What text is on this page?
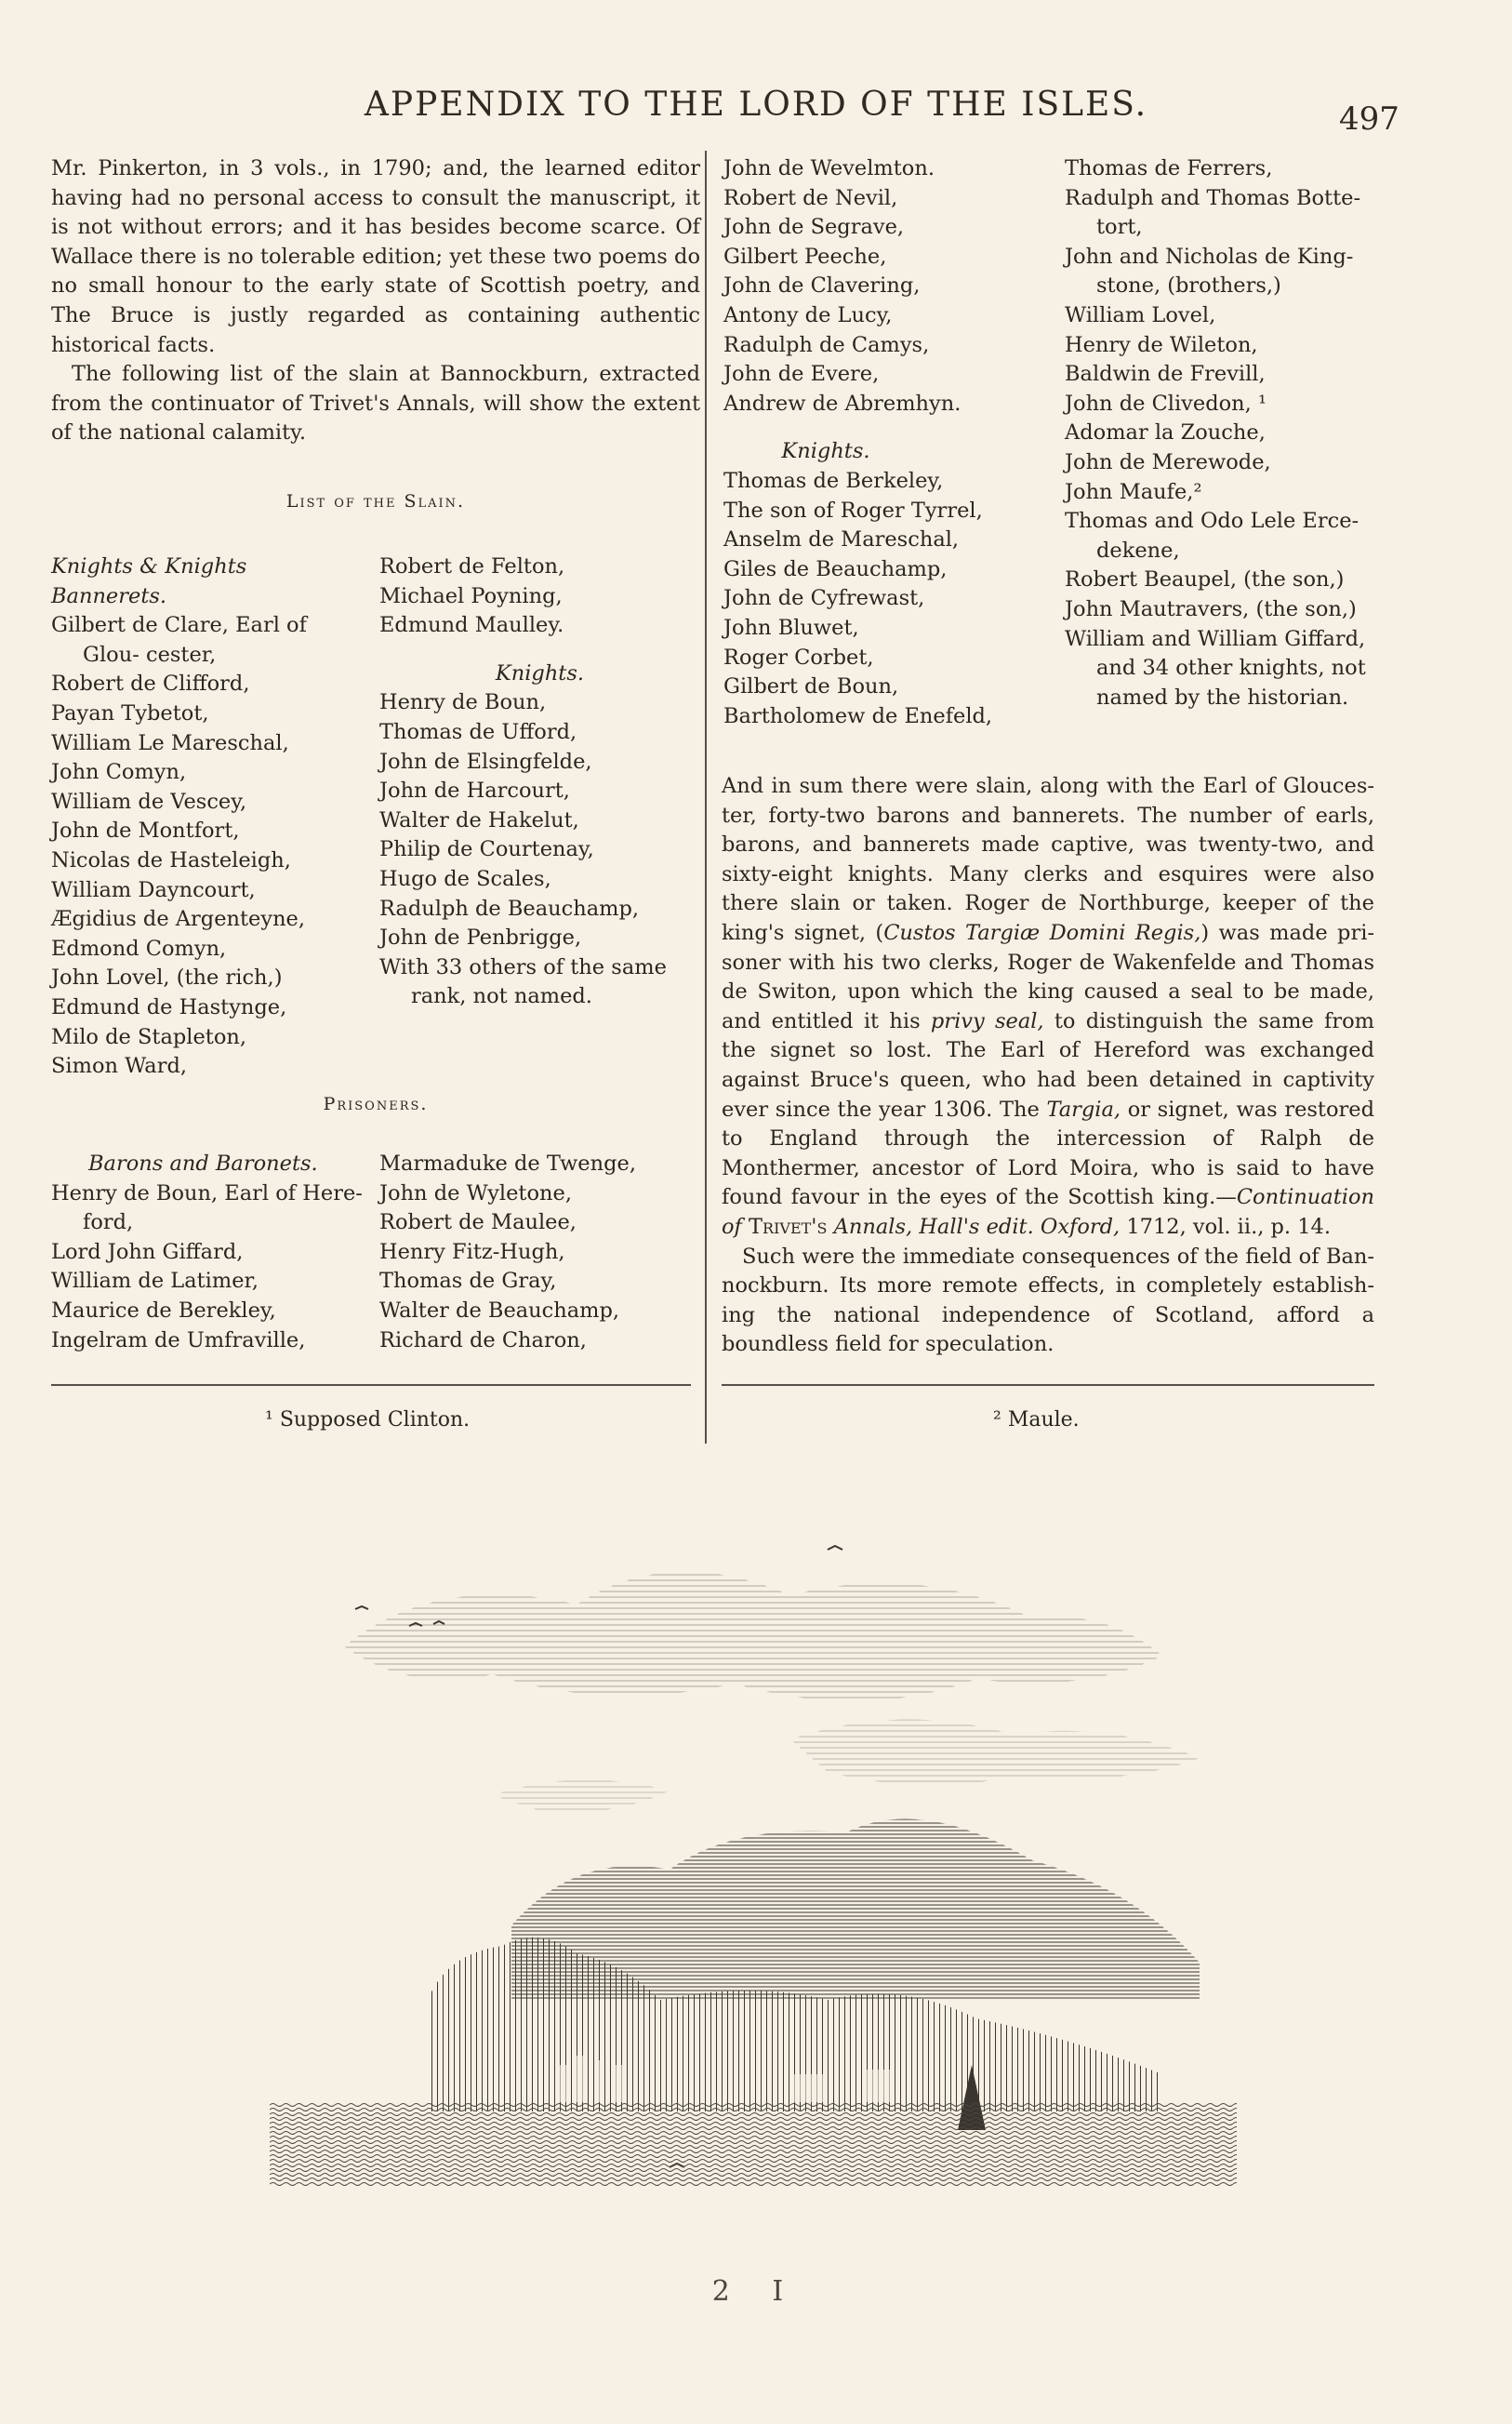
APPENDIX TO THE LORD OF THE ISLES.	497

Mr. Pinkerton, in 3 vols., in 1790; and, the learned editor having had no personal access to consult the manuscript, it is not without errors; and it has besides become scarce. Of Wallace there is no tolerable edition; yet these two poems do no small honour to the early state of Scottish poetry, and The Bruce is justly regarded as containing authentic historical facts.

The following list of the slain at Bannockburn, extracted from the continuator of Trivet's Annals, will show the extent of the national calamity.

List of the Slain.
Knights & Knights Bannerets.
Gilbert de Clare, Earl of Glou- cester,
Robert de Clifford,
Payan Tybetot,
William Le Mareschal,
John Comyn,
William de Vescey,
John de Montfort,
Nicolas de Hasteleigh,
William Dayncourt,
Ægidius de Argenteyne,
Edmond Comyn,
John Lovel, (the rich,)
Edmund de Hastynge,
Milo de Stapleton,
Simon Ward,
Robert de Felton,
Michael Poyning,
Edmund Maulley.
Knights.
Henry de Boun,
Thomas de Ufford,
John de Elsingfelde,
John de Harcourt,
Walter de Hakelut,
Philip de Courtenay,
Hugo de Scales,
Radulph de Beauchamp,
John de Penbrigge,
With 33 others of the same rank, not named.
Prisoners.
Barons and Baronets.
Henry de Boun, Earl of Here- ford,
Lord John Giffard,
William de Latimer,
Maurice de Berekley,
Ingelram de Umfraville,
Marmaduke de Twenge,
John de Wyletone,
Robert de Maulee,
Henry Fitz-Hugh,
Thomas de Gray,
Walter de Beauchamp,
Richard de Charon,
John de Wevelmton.
Robert de Nevil,
John de Segrave,
Gilbert Peeche,
John de Clavering,
Antony de Lucy,
Radulph de Camys,
John de Evere,
Andrew de Abremhyn.
Knights.
Thomas de Berkeley,
The son of Roger Tyrrel,
Anselm de Mareschal,
Giles de Beauchamp,
John de Cyfrewast,
John Bluwet,
Roger Corbet,
Gilbert de Boun,
Bartholomew de Enefeld,
Thomas de Ferrers,
Radulph and Thomas Botte- tort,
John and Nicholas de King- stone, (brothers,)
William Lovel,
Henry de Wileton,
Baldwin de Frevill,
John de Clivedon, ¹
Adomar la Zouche,
John de Merewode,
John Maufe,²
Thomas and Odo Lele Erce- dekene,
Robert Beaupel, (the son,)
John Mautravers, (the son,)
William and William Giffard, and 34 other knights, not named by the historian.

And in sum there were slain, along with the Earl of Glouces- ter, forty-two barons and bannerets. The number of earls, barons, and bannerets made captive, was twenty-two, and sixty-eight knights. Many clerks and esquires were also there slain or taken. Roger de Northburge, keeper of the king's signet, (Custos Targiæ Domini Regis,) was made pri- soner with his two clerks, Roger de Wakenfelde and Thomas de Switon, upon which the king caused a seal to be made, and entitled it his privy seal, to distinguish the same from the signet so lost. The Earl of Hereford was exchanged against Bruce's queen, who had been detained in captivity ever since the year 1306. The Targia, or signet, was restored to England through the intercession of Ralph de Monthermer, ancestor of Lord Moira, who is said to have found favour in the eyes of the Scottish king.—Continuation of Trivet's Annals, Hall's edit. Oxford, 1712, vol. ii., p. 14.

Such were the immediate consequences of the field of Ban- nockburn. Its more remote effects, in completely establish- ing the national independence of Scotland, afford a boundless field for speculation.

¹ Supposed Clinton.	² Maule.
2 I
